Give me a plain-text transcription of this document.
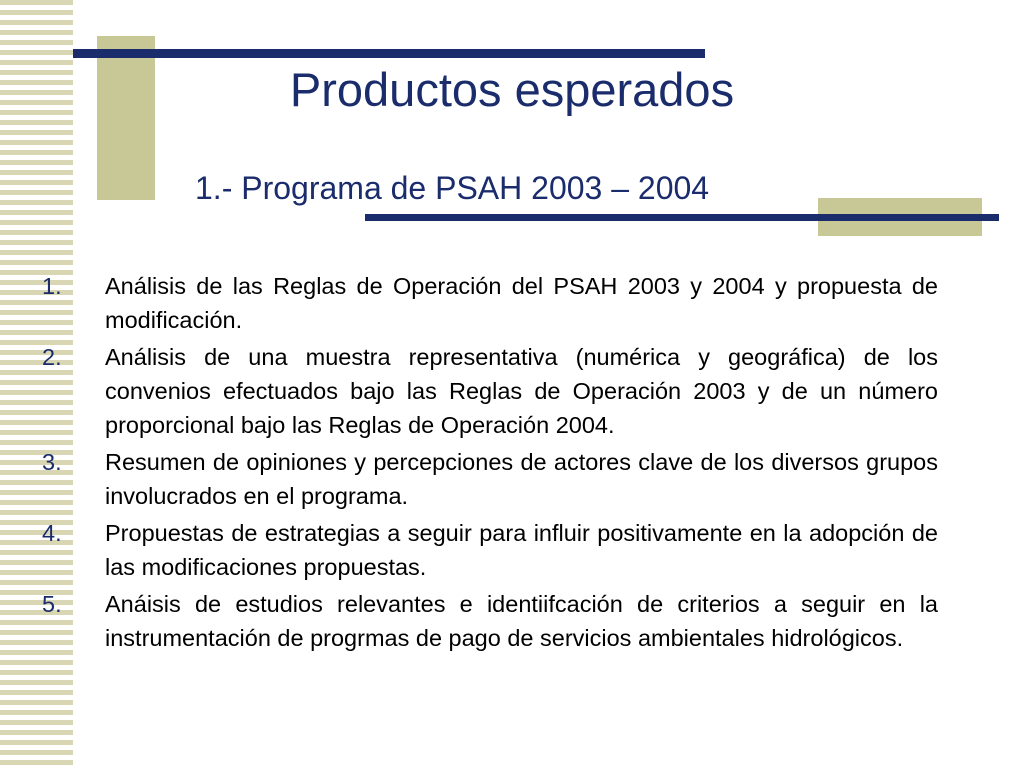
Productos esperados
1.- Programa de PSAH 2003 – 2004
1. Análisis de las Reglas de Operación del PSAH 2003 y 2004 y propuesta de modificación.
2. Análisis de una muestra representativa (numérica y geográfica) de los convenios efectuados bajo las Reglas de Operación 2003 y de un número proporcional bajo las Reglas de Operación 2004.
3. Resumen de opiniones y percepciones de actores clave de los diversos grupos involucrados en el programa.
4. Propuestas de estrategias a seguir para influir positivamente en la adopción de las modificaciones propuestas.
5. Anáisis de estudios relevantes e identiifcación de criterios a seguir en la instrumentación de progrmas de pago de servicios ambientales hidrológicos.
